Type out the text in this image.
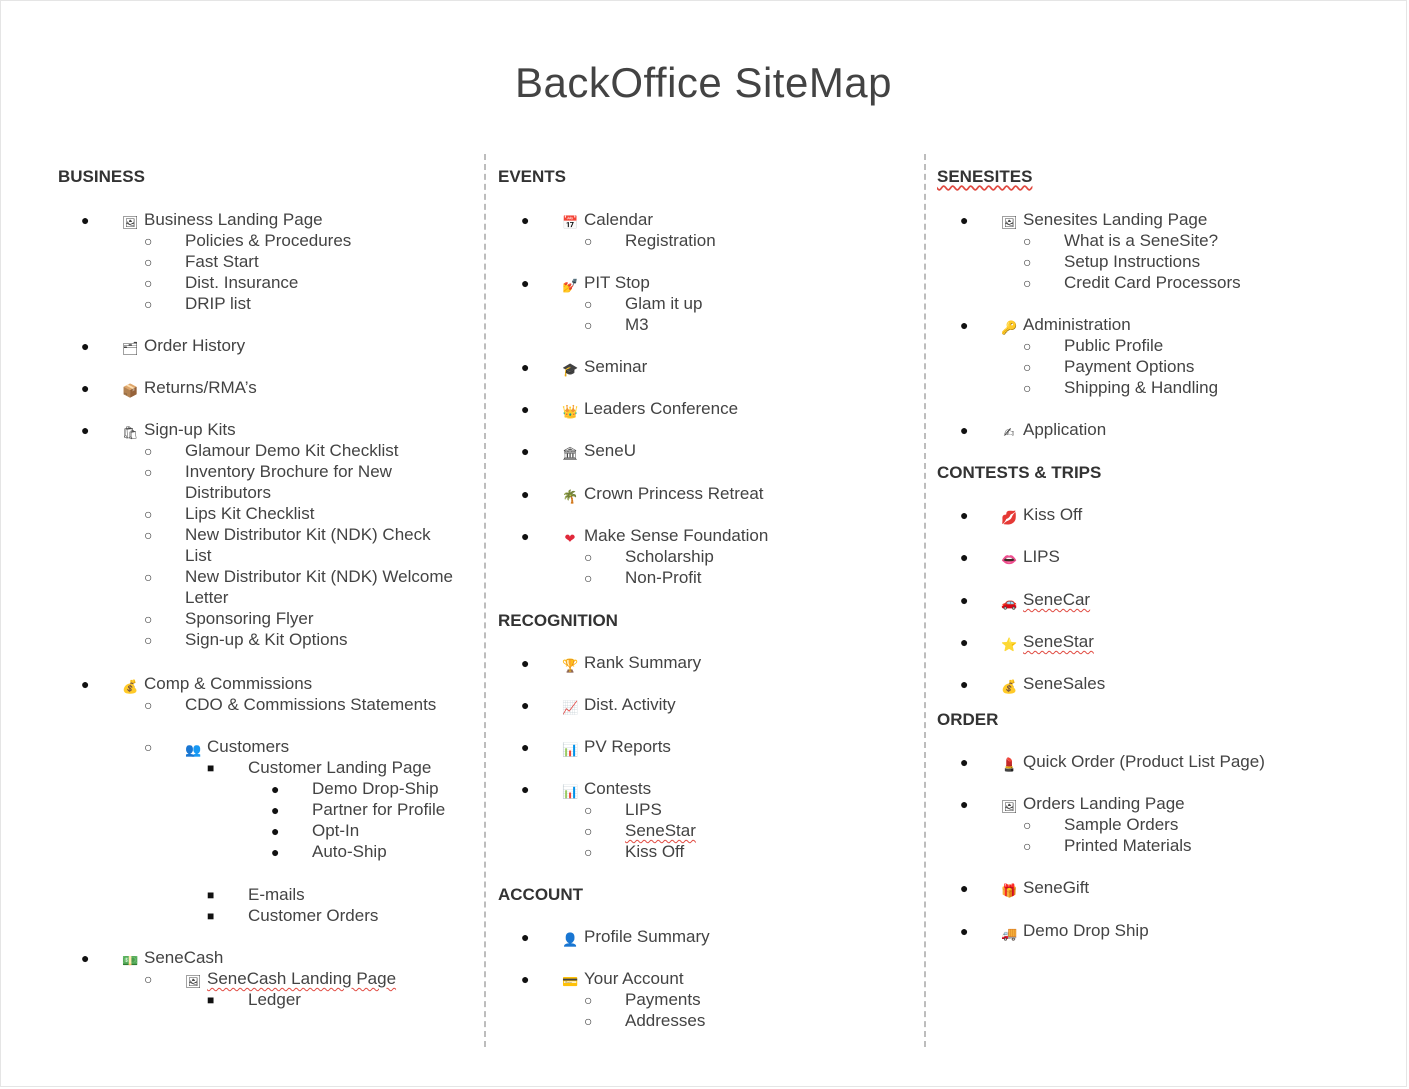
BackOffice SiteMap
BUSINESS
●	🖼 Business Landing Page
○ Policies & Procedures
○ Fast Start
○ Dist. Insurance
○ DRIP list
●	🗂 Order History
●	📦 Returns/RMA’s
●	🛍 Sign-up Kits
○ Glamour Demo Kit Checklist
○ Inventory Brochure for New
Distributors
○ Lips Kit Checklist
○ New Distributor Kit (NDK) Check
List
○ New Distributor Kit (NDK) Welcome
Letter
○ Sponsoring Flyer
○ Sign-up & Kit Options
●	💰 Comp & Commissions
○ CDO & Commissions Statements
○	👥 Customers
■ Customer Landing Page
● Demo Drop-Ship
● Partner for Profile
● Opt-In
● Auto-Ship
■ E-mails
■ Customer Orders
●	💵 SeneCash
○	🖼 SeneCash Landing Page
■ Ledger
EVENTS
●	📅 Calendar
○ Registration
●	💅 PIT Stop
○ Glam it up
○ M3
●	🎓 Seminar
●	👑 Leaders Conference
●	🏛 SeneU
●	🌴 Crown Princess Retreat
●	❤ Make Sense Foundation
○ Scholarship
○ Non-Profit
RECOGNITION
●	🏆 Rank Summary
●	📈 Dist. Activity
●	📊 PV Reports
●	📊 Contests
○ LIPS
○ SeneStar
○ Kiss Off
ACCOUNT
●	👤 Profile Summary
●	💳 Your Account
○ Payments
○ Addresses
SENESITES
●	🖼 Senesites Landing Page
○ What is a SeneSite?
○ Setup Instructions
○ Credit Card Processors
●	🔑 Administration
○ Public Profile
○ Payment Options
○ Shipping & Handling
●	✍ Application
CONTESTS & TRIPS
●	💋 Kiss Off
●	👄 LIPS
●	🚗 SeneCar
●	⭐ SeneStar
●	💰 SeneSales
ORDER
●	💄 Quick Order (Product List Page)
●	🖼 Orders Landing Page
○ Sample Orders
○ Printed Materials
●	🎁 SeneGift
●	🚚 Demo Drop Ship
